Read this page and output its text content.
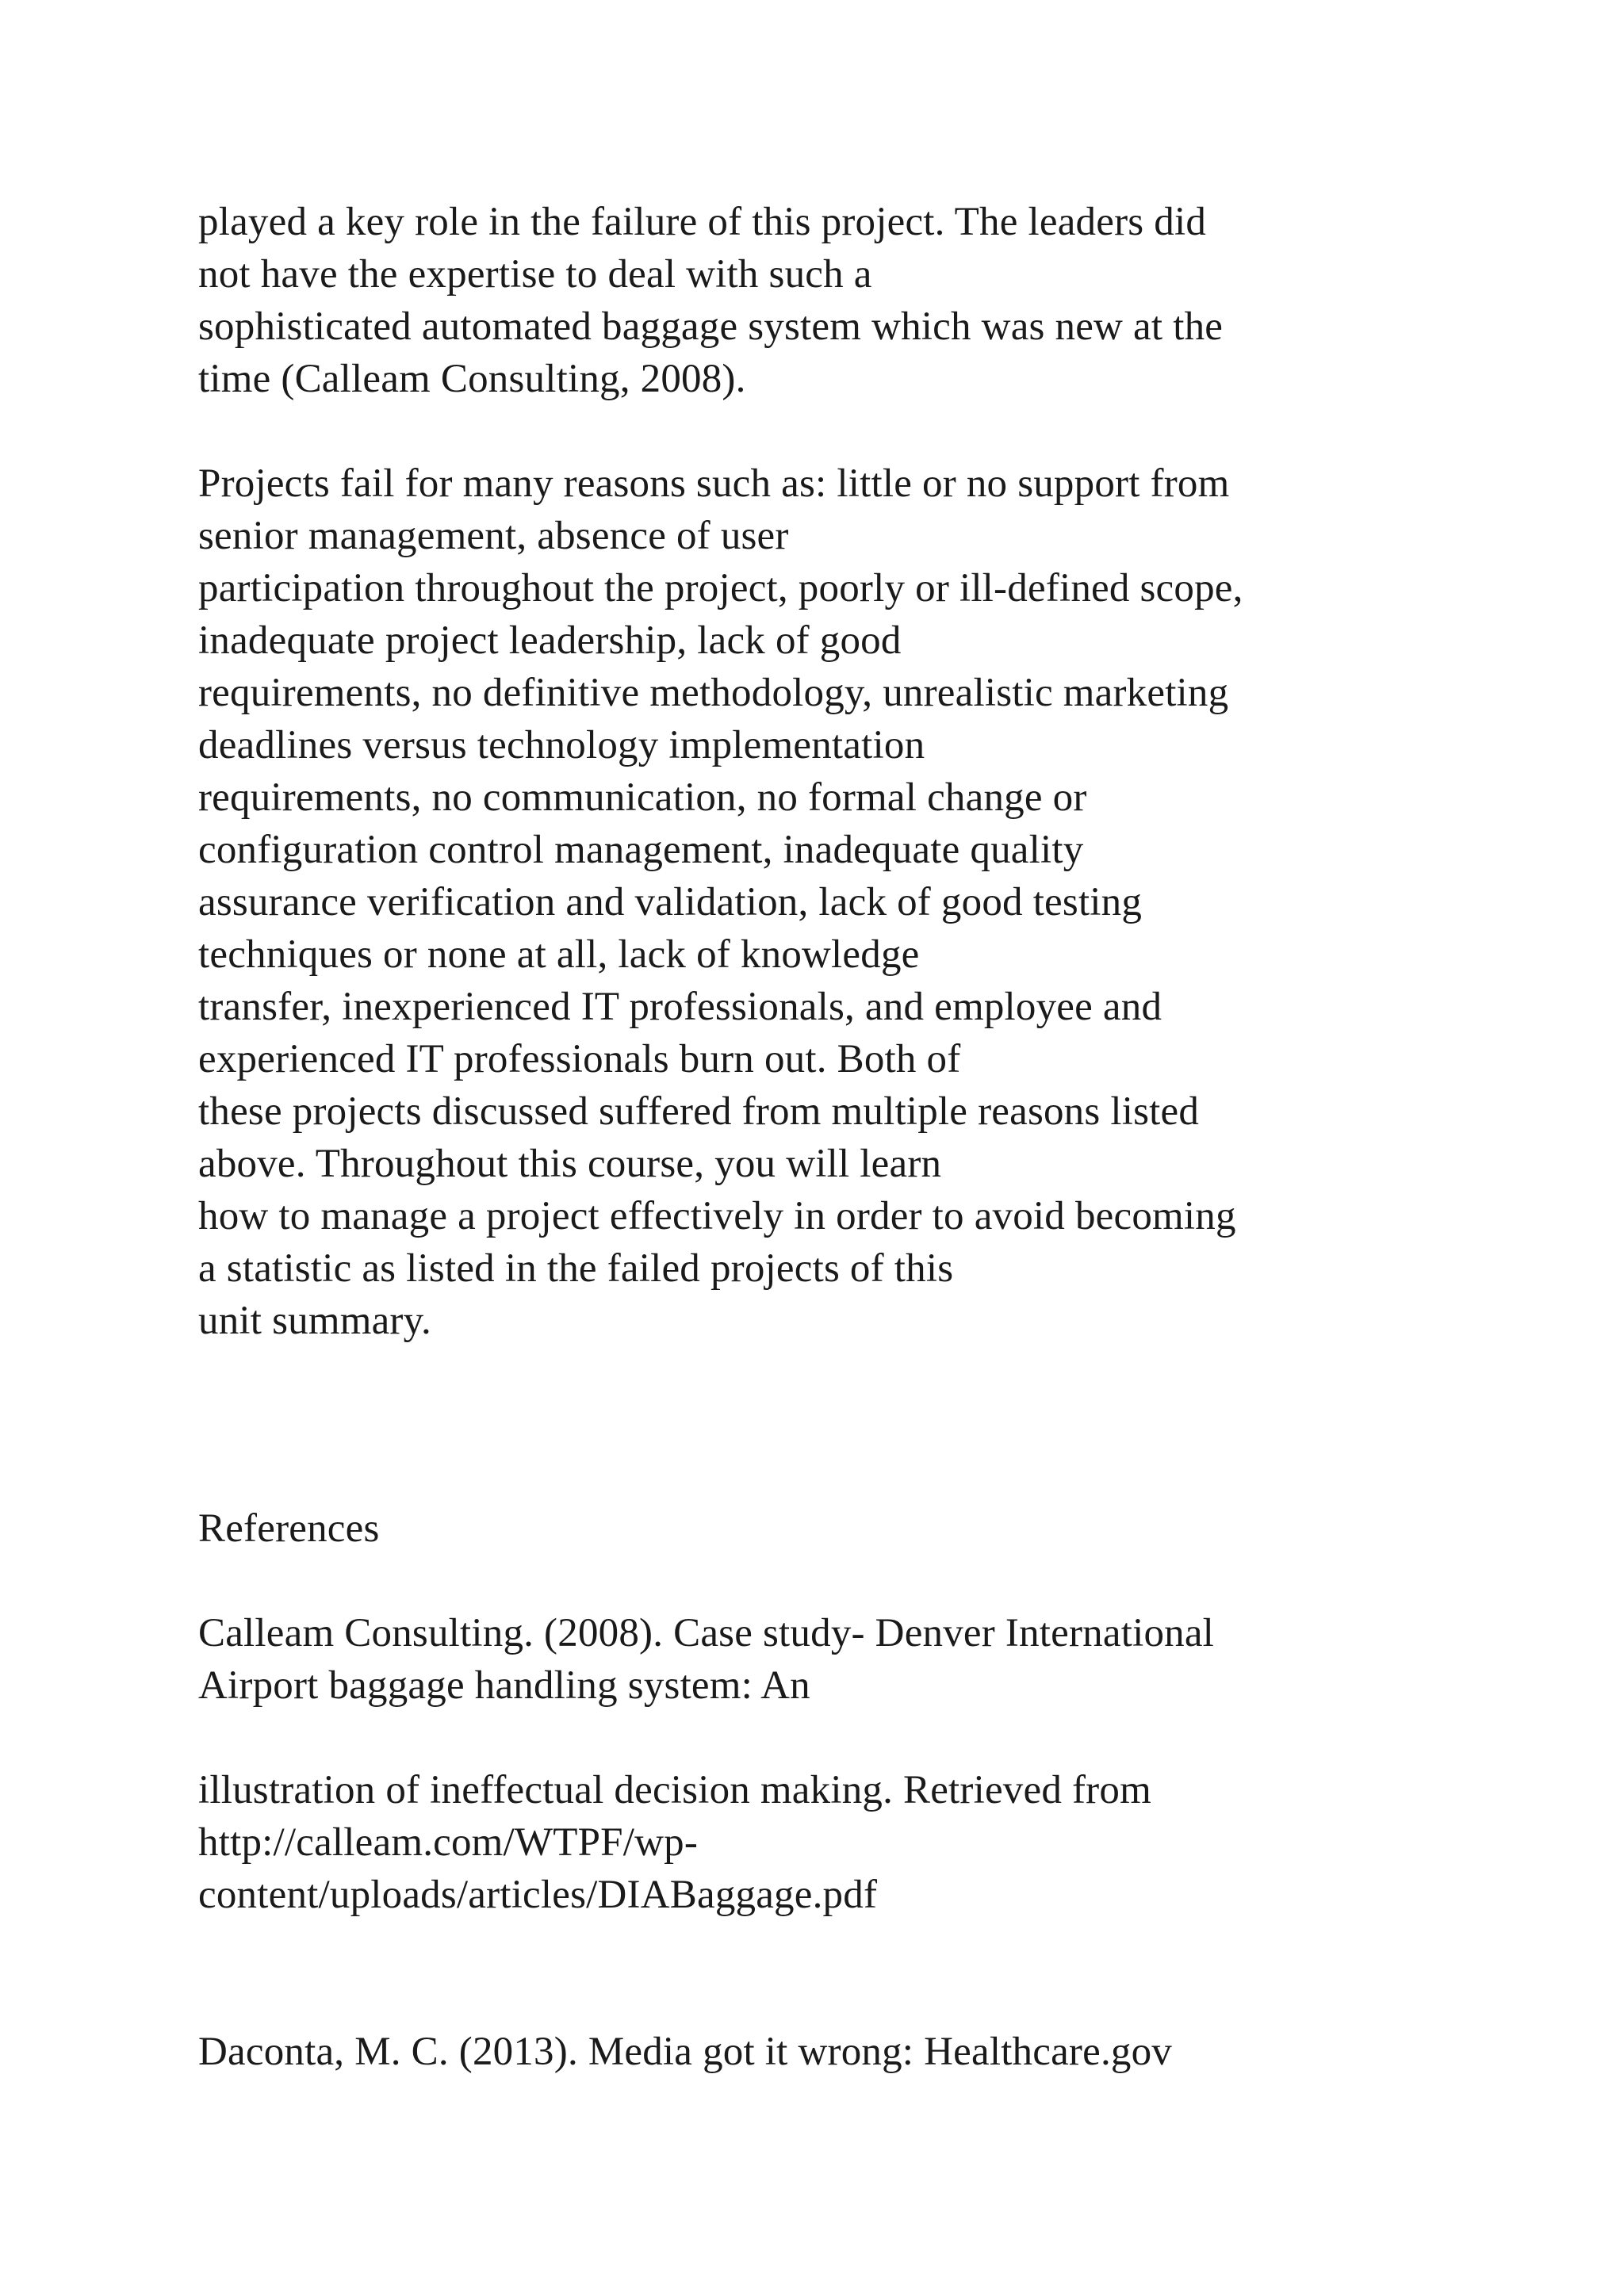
played a key role in the failure of this project. The leaders did
not have the expertise to deal with such a
sophisticated automated baggage system which was new at the
time (Calleam Consulting, 2008).
Projects fail for many reasons such as: little or no support from
senior management, absence of user
participation throughout the project, poorly or ill-defined scope,
inadequate project leadership, lack of good
requirements, no definitive methodology, unrealistic marketing
deadlines versus technology implementation
requirements, no communication, no formal change or
configuration control management, inadequate quality
assurance verification and validation, lack of good testing
techniques or none at all, lack of knowledge
transfer, inexperienced IT professionals, and employee and
experienced IT professionals burn out. Both of
these projects discussed suffered from multiple reasons listed
above. Throughout this course, you will learn
how to manage a project effectively in order to avoid becoming
a statistic as listed in the failed projects of this
unit summary.
References
Calleam Consulting. (2008). Case study- Denver International
Airport baggage handling system: An
illustration of ineffectual decision making. Retrieved from
http://calleam.com/WTPF/wp-
content/uploads/articles/DIABaggage.pdf
Daconta, M. C. (2013). Media got it wrong: Healthcare.gov
